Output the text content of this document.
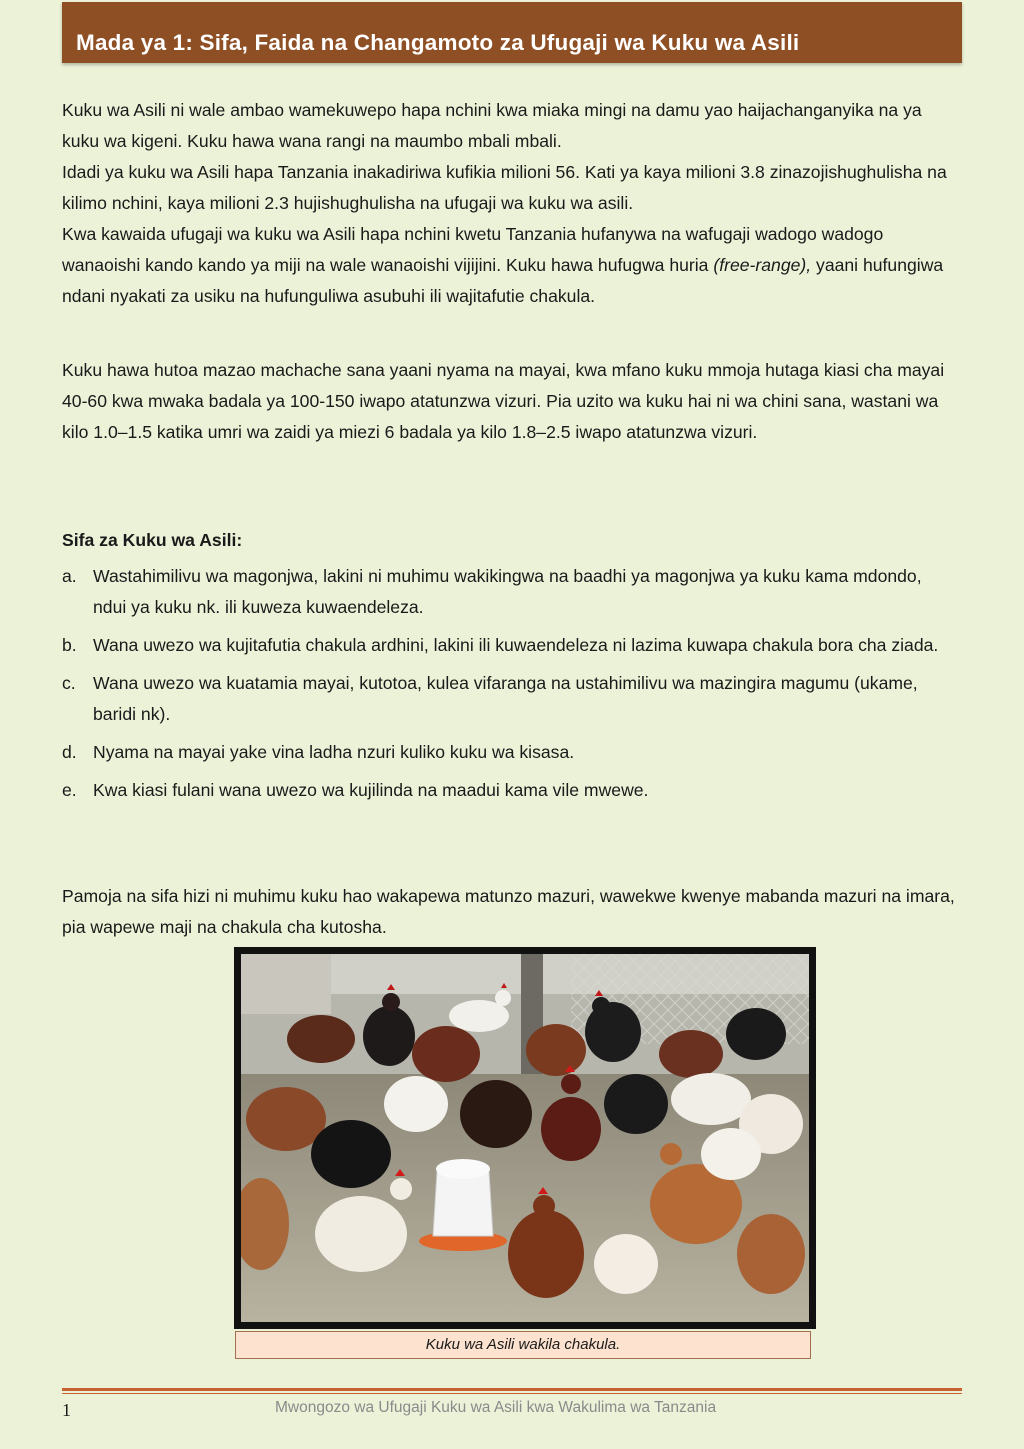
Mada ya 1: Sifa, Faida na Changamoto za Ufugaji wa Kuku wa Asili

Kuku wa Asili ni wale ambao wamekuwepo hapa nchini kwa miaka mingi na damu yao haijachanganyika na ya kuku wa kigeni. Kuku hawa wana rangi na maumbo mbali mbali.

Idadi ya kuku wa Asili hapa Tanzania inakadiriwa kufikia milioni 56. Kati ya kaya milioni 3.8 zinazojishughulisha na kilimo nchini, kaya milioni 2.3 hujishughulisha na ufugaji wa kuku wa asili.

Kwa kawaida ufugaji wa kuku wa Asili hapa nchini kwetu Tanzania hufanywa na wafugaji wadogo wadogo wanaoishi kando kando ya miji na wale wanaoishi vijijini. Kuku hawa hufugwa huria (free-range), yaani hufungiwa ndani nyakati za usiku na hufunguliwa asubuhi ili wajitafutie chakula.

Kuku hawa hutoa mazao machache sana yaani nyama na mayai, kwa mfano kuku mmoja hutaga kiasi cha mayai 40-60 kwa mwaka badala ya 100-150 iwapo atatunzwa vizuri. Pia uzito wa kuku hai ni wa chini sana, wastani wa kilo 1.0–1.5 katika umri wa zaidi ya miezi 6 badala ya kilo 1.8–2.5 iwapo atatunzwa vizuri.

Sifa za Kuku wa Asili:
a. Wastahimilivu wa magonjwa, lakini ni muhimu wakikingwa na baadhi ya magonjwa ya kuku kama mdondo, ndui ya kuku nk. ili kuweza kuwaendeleza.
b. Wana uwezo wa kujitafutia chakula ardhini, lakini ili kuwaendeleza ni lazima kuwapa chakula bora cha ziada.
c. Wana uwezo wa kuatamia mayai, kutotoa, kulea vifaranga na ustahimilivu wa mazingira magumu (ukame, baridi nk).
d. Nyama na mayai yake vina ladha nzuri kuliko kuku wa kisasa.
e. Kwa kiasi fulani wana uwezo wa kujilinda na maadui kama vile mwewe.

Pamoja na sifa hizi ni muhimu kuku hao wakapewa matunzo mazuri, wawekwe kwenye mabanda mazuri na imara, pia wapewe maji na chakula cha kutosha.

Kuku wa Asili wakila chakula.
1	Mwongozo wa Ufugaji Kuku wa Asili kwa Wakulima wa Tanzania
